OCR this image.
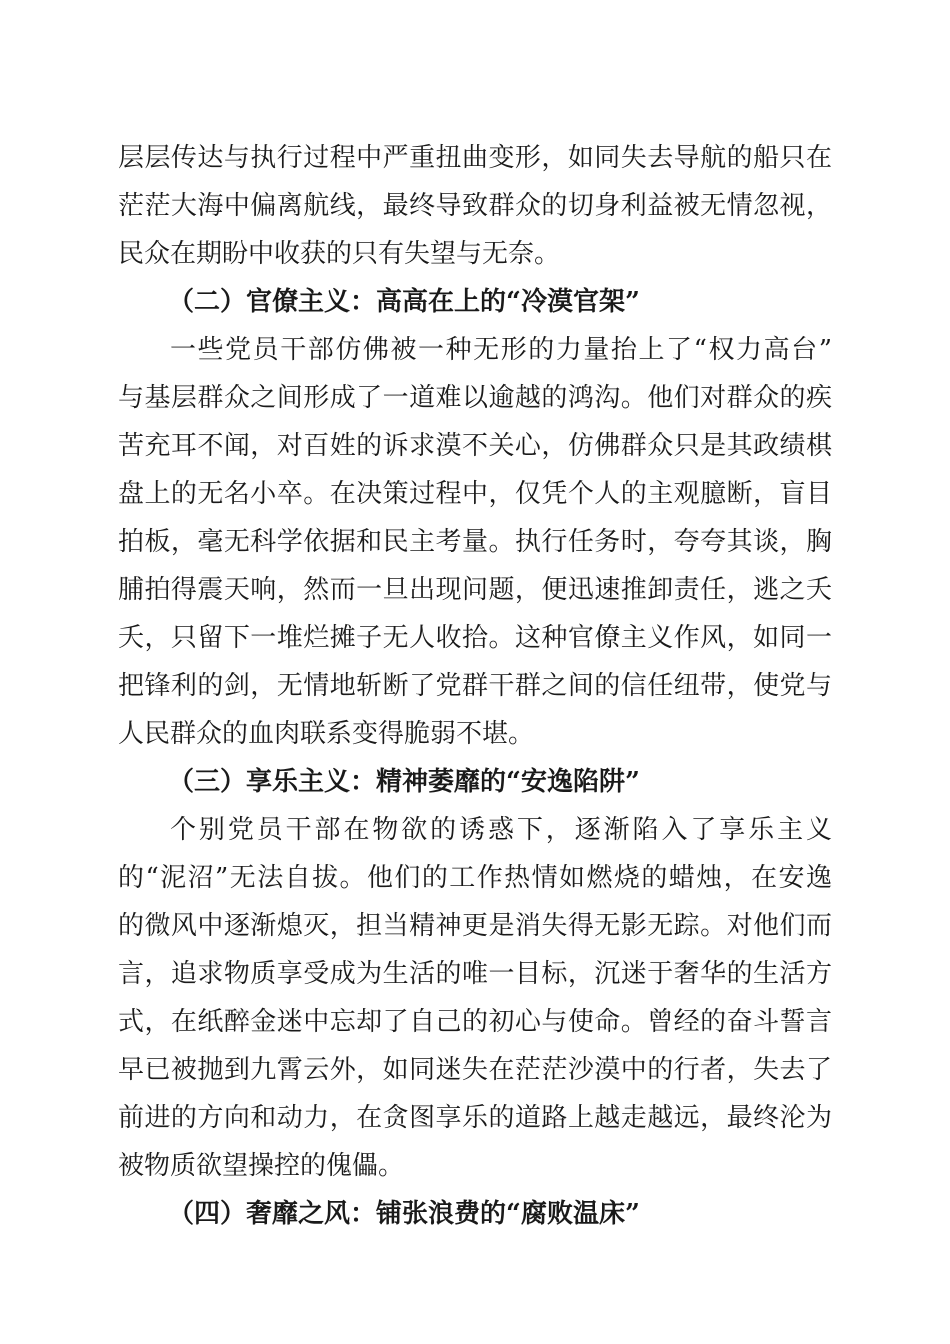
层层传达与执行过程中严重扭曲变形，如同失去导航的船只在
茫茫大海中偏离航线，最终导致群众的切身利益被无情忽视，
民众在期盼中收获的只有失望与无奈。
（二）官僚主义：高高在上的“冷漠官架”
一些党员干部仿佛被一种无形的力量抬上了“权力高台”
与基层群众之间形成了一道难以逾越的鸿沟。他们对群众的疾
苦充耳不闻，对百姓的诉求漠不关心，仿佛群众只是其政绩棋
盘上的无名小卒。在决策过程中，仅凭个人的主观臆断，盲目
拍板，毫无科学依据和民主考量。执行任务时，夸夸其谈，胸
脯拍得震天响，然而一旦出现问题，便迅速推卸责任，逃之夭
夭，只留下一堆烂摊子无人收拾。这种官僚主义作风，如同一
把锋利的剑，无情地斩断了党群干群之间的信任纽带，使党与
人民群众的血肉联系变得脆弱不堪。
（三）享乐主义：精神萎靡的“安逸陷阱”
个别党员干部在物欲的诱惑下，逐渐陷入了享乐主义
的“泥沼”无法自拔。他们的工作热情如燃烧的蜡烛，在安逸
的微风中逐渐熄灭，担当精神更是消失得无影无踪。对他们而
言，追求物质享受成为生活的唯一目标，沉迷于奢华的生活方
式，在纸醉金迷中忘却了自己的初心与使命。曾经的奋斗誓言
早已被抛到九霄云外，如同迷失在茫茫沙漠中的行者，失去了
前进的方向和动力，在贪图享乐的道路上越走越远，最终沦为
被物质欲望操控的傀儡。
（四）奢靡之风：铺张浪费的“腐败温床”
